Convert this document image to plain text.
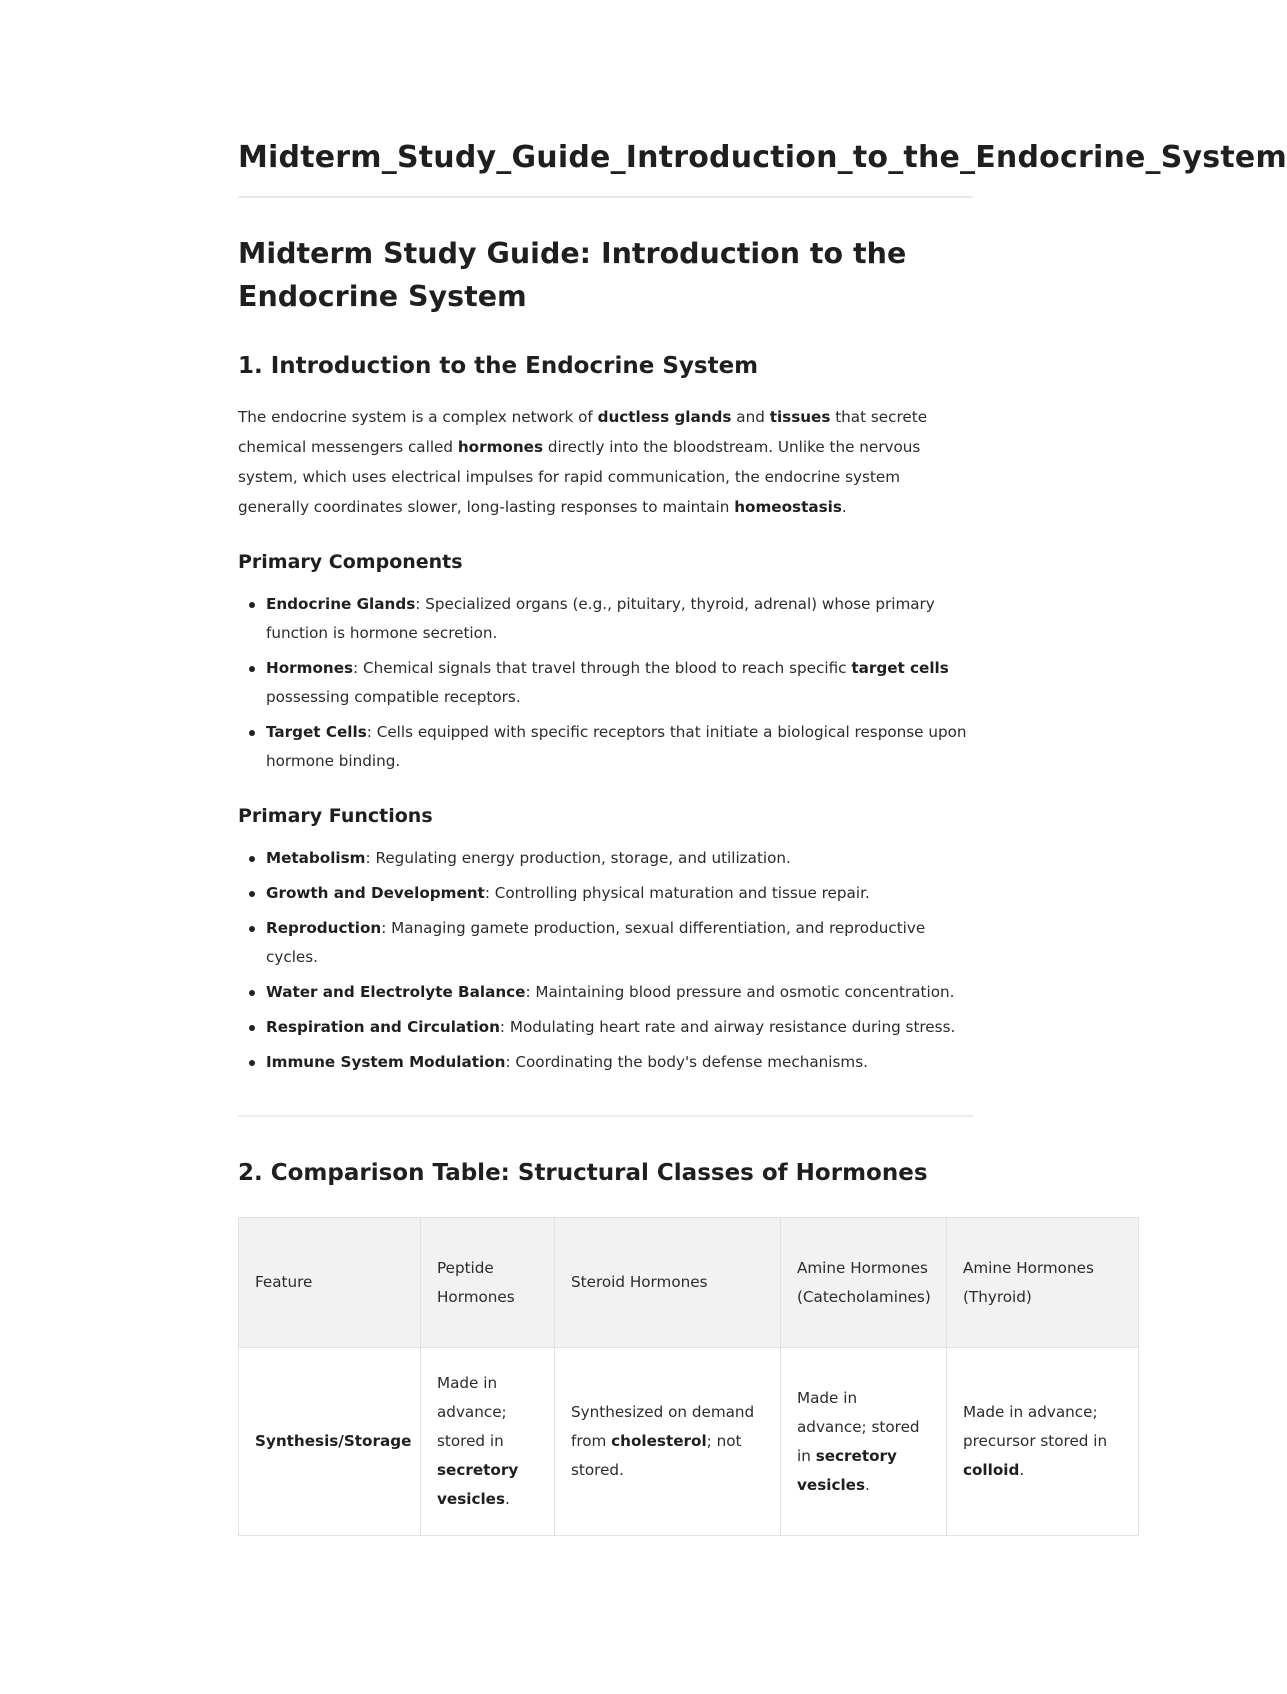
Midterm_Study_Guide_Introduction_to_the_Endocrine_System
Midterm Study Guide: Introduction to the Endocrine System
1. Introduction to the Endocrine System

The endocrine system is a complex network of ductless glands and tissues that secrete chemical messengers called hormones directly into the bloodstream. Unlike the nervous system, which uses electrical impulses for rapid communication, the endocrine system generally coordinates slower, long-lasting responses to maintain homeostasis.

Primary Components
Endocrine Glands: Specialized organs (e.g., pituitary, thyroid, adrenal) whose primary function is hormone secretion.
Hormones: Chemical signals that travel through the blood to reach specific target cells possessing compatible receptors.
Target Cells: Cells equipped with specific receptors that initiate a biological response upon hormone binding.
Primary Functions
Metabolism: Regulating energy production, storage, and utilization.
Growth and Development: Controlling physical maturation and tissue repair.
Reproduction: Managing gamete production, sexual differentiation, and reproductive cycles.
Water and Electrolyte Balance: Maintaining blood pressure and osmotic concentration.
Respiration and Circulation: Modulating heart rate and airway resistance during stress.
Immune System Modulation: Coordinating the body's defense mechanisms.
2. Comparison Table: Structural Classes of Hormones
Feature	Peptide Hormones	Steroid Hormones	Amine Hormones (Catecholamines)	Amine Hormones (Thyroid)
Synthesis/Storage	Made in advance; stored in secretory vesicles.	Synthesized on demand from cholesterol; not stored.	Made in advance; stored in secretory vesicles.	Made in advance; precursor stored in colloid.
